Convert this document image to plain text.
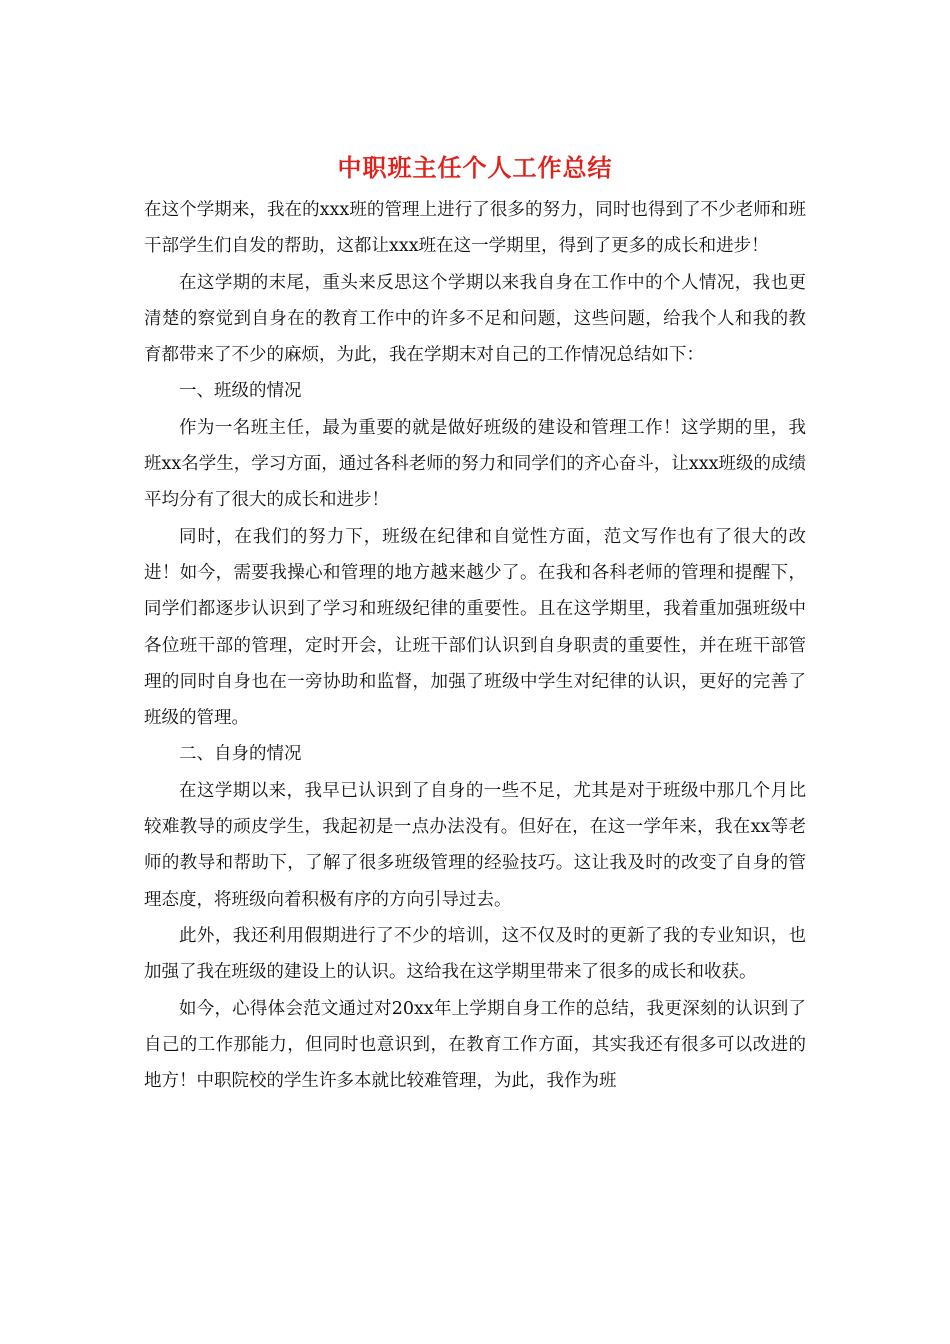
中职班主任个人工作总结

在这个学期来，我在的xxx班的管理上进行了很多的努力，同时也得到了不少老师和班干部学生们自发的帮助，这都让xxx班在这一学期里，得到了更多的成长和进步！

在这学期的末尾，重头来反思这个学期以来我自身在工作中的个人情况，我也更清楚的察觉到自身在的教育工作中的许多不足和问题，这些问题，给我个人和我的教育都带来了不少的麻烦，为此，我在学期末对自己的工作情况总结如下：

一、班级的情况

作为一名班主任，最为重要的就是做好班级的建设和管理工作！这学期的里，我班xx名学生，学习方面，通过各科老师的努力和同学们的齐心奋斗，让xxx班级的成绩平均分有了很大的成长和进步！

同时，在我们的努力下，班级在纪律和自觉性方面，范文写作也有了很大的改进！如今，需要我操心和管理的地方越来越少了。在我和各科老师的管理和提醒下，同学们都逐步认识到了学习和班级纪律的重要性。且在这学期里，我着重加强班级中各位班干部的管理，定时开会，让班干部们认识到自身职责的重要性，并在班干部管理的同时自身也在一旁协助和监督，加强了班级中学生对纪律的认识，更好的完善了班级的管理。

二、自身的情况

在这学期以来，我早已认识到了自身的一些不足，尤其是对于班级中那几个月比较难教导的顽皮学生，我起初是一点办法没有。但好在，在这一学年来，我在xx等老师的教导和帮助下，了解了很多班级管理的经验技巧。这让我及时的改变了自身的管理态度，将班级向着积极有序的方向引导过去。

此外，我还利用假期进行了不少的培训，这不仅及时的更新了我的专业知识，也加强了我在班级的建设上的认识。这给我在这学期里带来了很多的成长和收获。

如今，心得体会范文通过对20xx年上学期自身工作的总结，我更深刻的认识到了自己的工作那能力，但同时也意识到，在教育工作方面，其实我还有很多可以改进的地方！中职院校的学生许多本就比较难管理，为此，我作为班
